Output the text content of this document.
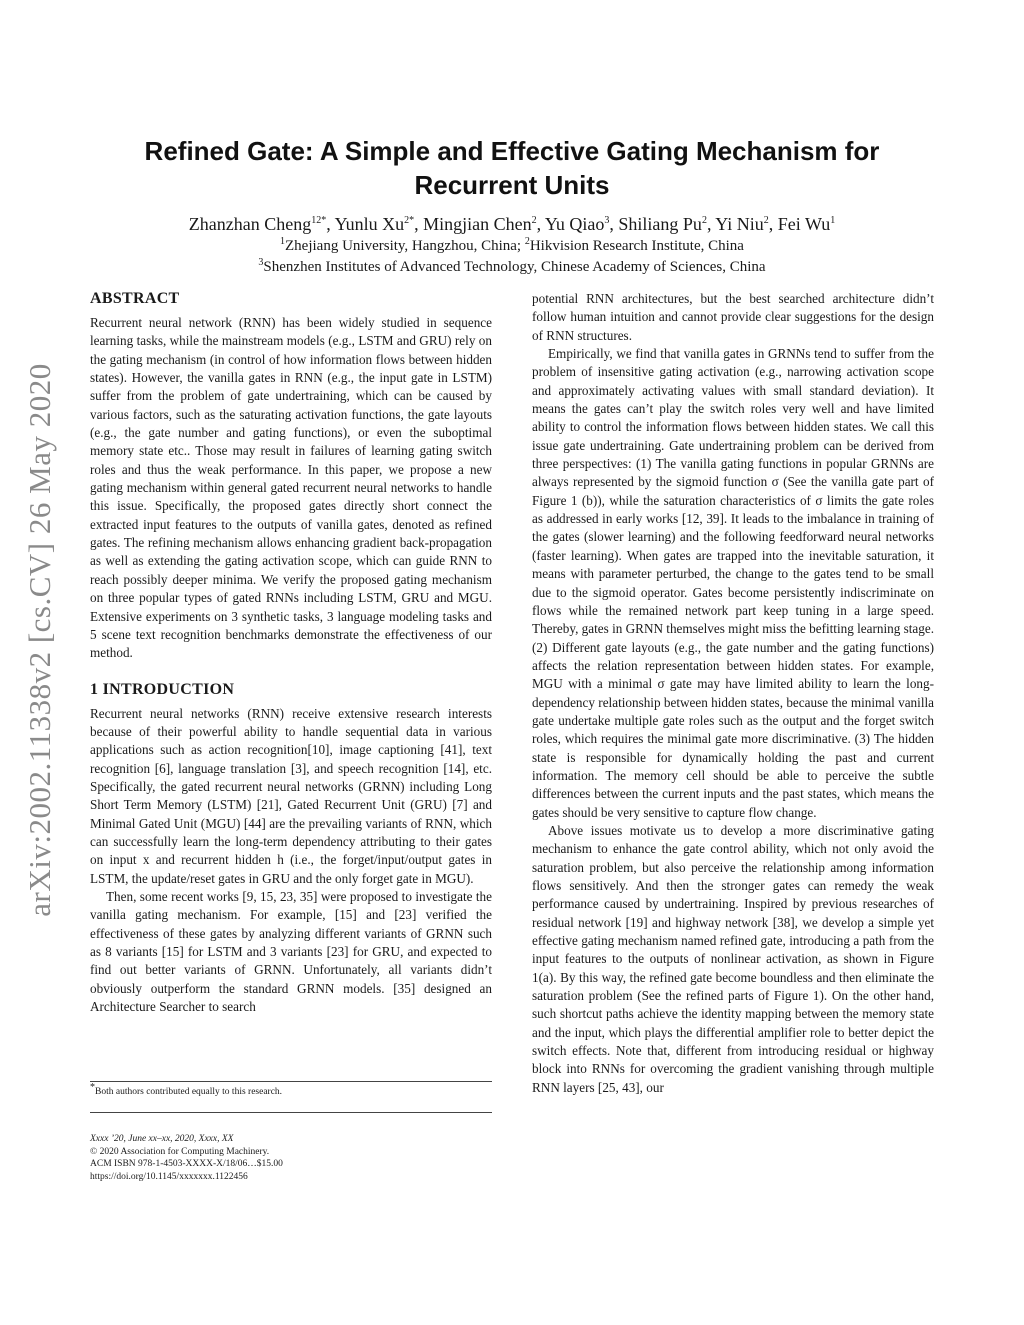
arXiv:2002.11338v2 [cs.CV] 26 May 2020
Refined Gate: A Simple and Effective Gating Mechanism for Recurrent Units
Zhanzhan Cheng$^{12*}$, Yunlu $Xu^{2*}$, Mingjian Chen$^2$, Yu Qiao$^3$, Shiliang Pu$^2$, Yi Niu$^2$, Fei Wu$^1$
$^1$Zhejiang University, Hangzhou, China; $^2$Hikvision Research Institute, China
$^3$Shenzhen Institutes of Advanced Technology, Chinese Academy of Sciences, China
ABSTRACT

Recurrent neural network (RNN) has been widely studied in sequence learning tasks, while the mainstream models (e.g., LSTM and GRU) rely on the gating mechanism (in control of how information flows between hidden states). However, the vanilla gates in RNN (e.g., the input gate in LSTM) suffer from the problem of gate undertraining, which can be caused by various factors, such as the saturating activation functions, the gate layouts (e.g., the gate number and gating functions), or even the suboptimal memory state etc.. Those may result in failures of learning gating switch roles and thus the weak performance. In this paper, we propose a new gating mechanism within general gated recurrent neural networks to handle this issue. Specifically, the proposed gates directly short connect the extracted input features to the outputs of vanilla gates, denoted as refined gates. The refining mechanism allows enhancing gradient back-propagation as well as extending the gating activation scope, which can guide RNN to reach possibly deeper minima. We verify the proposed gating mechanism on three popular types of gated RNNs including LSTM, GRU and MGU. Extensive experiments on 3 synthetic tasks, 3 language modeling tasks and 5 scene text recognition benchmarks demonstrate the effectiveness of our method.

1 INTRODUCTION

Recurrent neural networks (RNN) receive extensive research interests because of their powerful ability to handle sequential data in various applications such as action recognition[10], image captioning [41], text recognition [6], language translation [3], and speech recognition [14], etc. Specifically, the gated recurrent neural networks (GRNN) including Long Short Term Memory (LSTM) [21], Gated Recurrent Unit (GRU) [7] and Minimal Gated Unit (MGU) [44] are the prevailing variants of RNN, which can successfully learn the long-term dependency attributing to their gates on input x and recurrent hidden h (i.e., the forget/input/output gates in LSTM, the update/reset gates in GRU and the only forget gate in MGU).

Then, some recent works [9, 15, 23, 35] were proposed to investigate the vanilla gating mechanism. For example, [15] and [23] verified the effectiveness of these gates by analyzing different variants of GRNN such as 8 variants [15] for LSTM and 3 variants [23] for GRU, and expected to find out better variants of GRNN. Unfortunately, all variants didn’t obviously outperform the standard GRNN models. [35] designed an Architecture Searcher to search

*Both authors contributed equally to this research.
Xxxx ’20, June xx–xx, 2020, Xxxx, XX
© 2020 Association for Computing Machinery.
ACM ISBN 978-1-4503-XXXX-X/18/06…$15.00
https://doi.org/10.1145/xxxxxxx.1122456

potential RNN architectures, but the best searched architecture didn’t follow human intuition and cannot provide clear suggestions for the design of RNN structures.

Empirically, we find that vanilla gates in GRNNs tend to suffer from the problem of insensitive gating activation (e.g., narrowing activation scope and approximately activating values with small standard deviation). It means the gates can’t play the switch roles very well and have limited ability to control the information flows between hidden states. We call this issue gate undertraining. Gate undertraining problem can be derived from three perspectives: (1) The vanilla gating functions in popular GRNNs are always represented by the sigmoid function σ (See the vanilla gate part of Figure 1 (b)), while the saturation characteristics of σ limits the gate roles as addressed in early works [12, 39]. It leads to the imbalance in training of the gates (slower learning) and the following feedforward neural networks (faster learning). When gates are trapped into the inevitable saturation, it means with parameter perturbed, the change to the gates tend to be small due to the sigmoid operator. Gates become persistently indiscriminate on flows while the remained network part keep tuning in a large speed. Thereby, gates in GRNN themselves might miss the befitting learning stage. (2) Different gate layouts (e.g., the gate number and the gating functions) affects the relation representation between hidden states. For example, MGU with a minimal σ gate may have limited ability to learn the long-dependency relationship between hidden states, because the minimal vanilla gate undertake multiple gate roles such as the output and the forget switch roles, which requires the minimal gate more discriminative. (3) The hidden state is responsible for dynamically holding the past and current information. The memory cell should be able to perceive the subtle differences between the current inputs and the past states, which means the gates should be very sensitive to capture flow change.

Above issues motivate us to develop a more discriminative gating mechanism to enhance the gate control ability, which not only avoid the saturation problem, but also perceive the relationship among information flows sensitively. And then the stronger gates can remedy the weak performance caused by undertraining. Inspired by previous researches of residual network [19] and highway network [38], we develop a simple yet effective gating mechanism named refined gate, introducing a path from the input features to the outputs of nonlinear activation, as shown in Figure 1(a). By this way, the refined gate become boundless and then eliminate the saturation problem (See the refined parts of Figure 1). On the other hand, such shortcut paths achieve the identity mapping between the memory state and the input, which plays the differential amplifier role to better depict the switch effects. Note that, different from introducing residual or highway block into RNNs for overcoming the gradient vanishing through multiple RNN layers [25, 43], our
